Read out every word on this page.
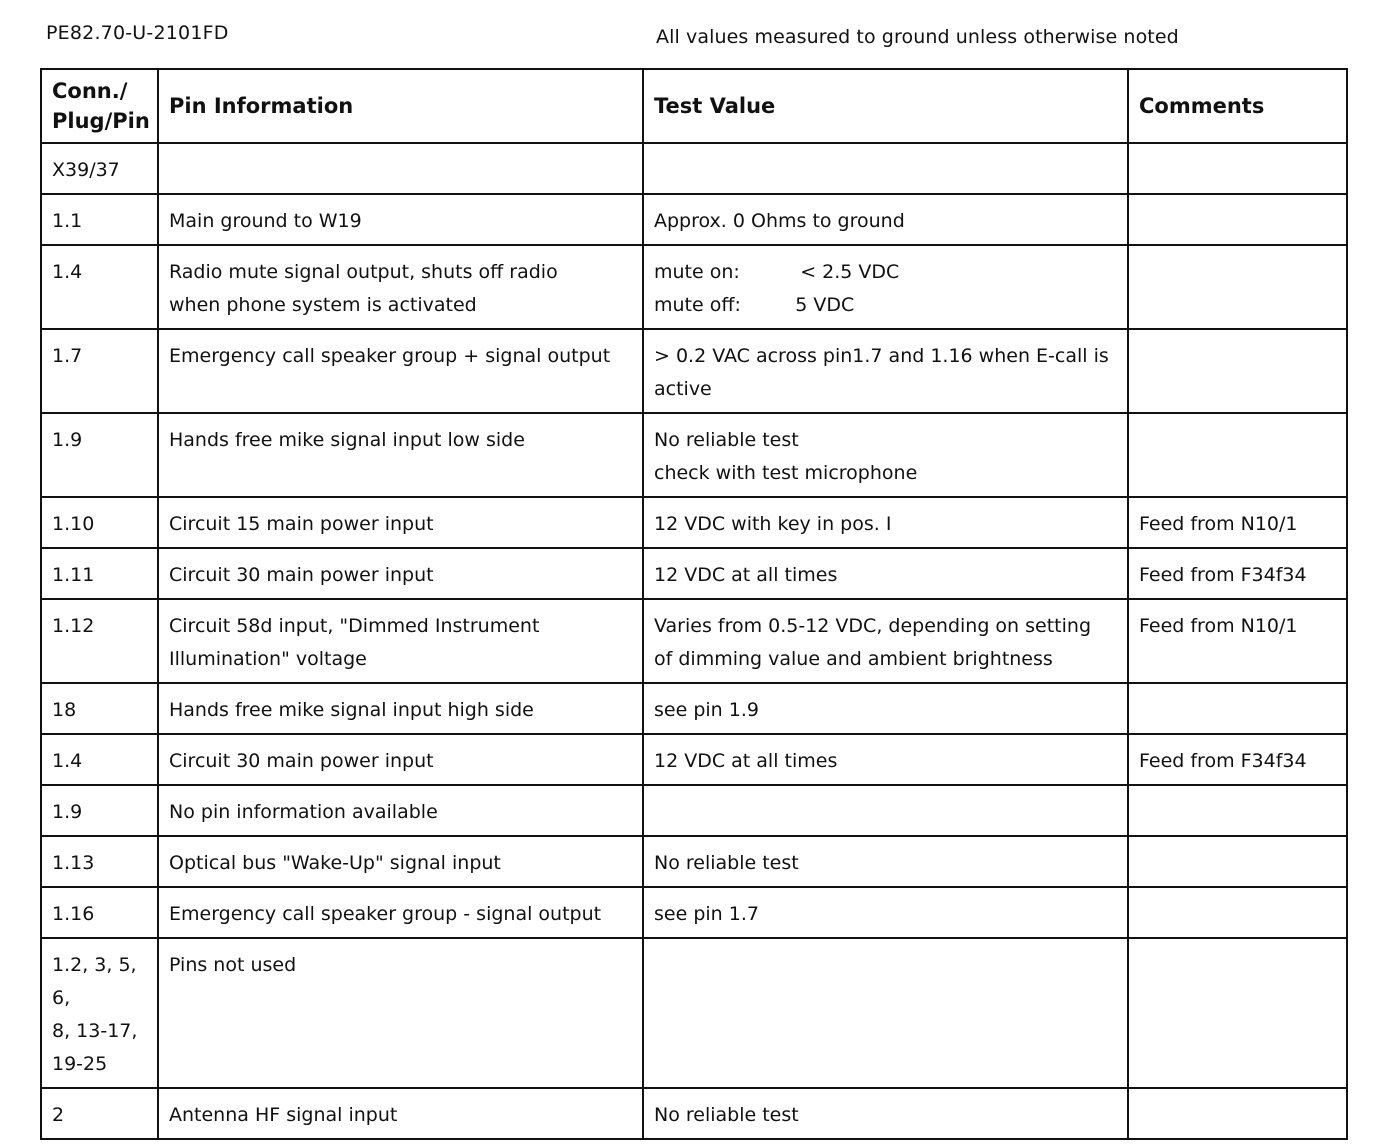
PE82.70-U-2101FD	All values measured to ground unless otherwise noted
Conn./
Plug/Pin	Pin Information	Test Value	Comments

X39/37			

1.1	Main ground to W19	Approx. 0 Ohms to ground	

1.4	Radio mute signal output, shuts off radio
when phone system is activated	mute on:          < 2.5 VDC
mute off:         5 VDC	

1.7	Emergency call speaker group + signal output	> 0.2 VAC across pin1.7 and 1.16 when E-call is
active	

1.9	Hands free mike signal input low side	No reliable test
check with test microphone	

1.10	Circuit 15 main power input	12 VDC with key in pos. I	Feed from N10/1

1.11	Circuit 30 main power input	12 VDC at all times	Feed from F34f34

1.12	Circuit 58d input, "Dimmed Instrument
Illumination" voltage	Varies from 0.5-12 VDC, depending on setting
of dimming value and ambient brightness	Feed from N10/1

18	Hands free mike signal input high side	see pin 1.9	

1.4	Circuit 30 main power input	12 VDC at all times	Feed from F34f34

1.9	No pin information available		

1.13	Optical bus "Wake-Up" signal input	No reliable test	

1.16	Emergency call speaker group - signal output	see pin 1.7	

1.2, 3, 5, 6,
8, 13-17,
19-25	Pins not used		

2	Antenna HF signal input	No reliable test	
